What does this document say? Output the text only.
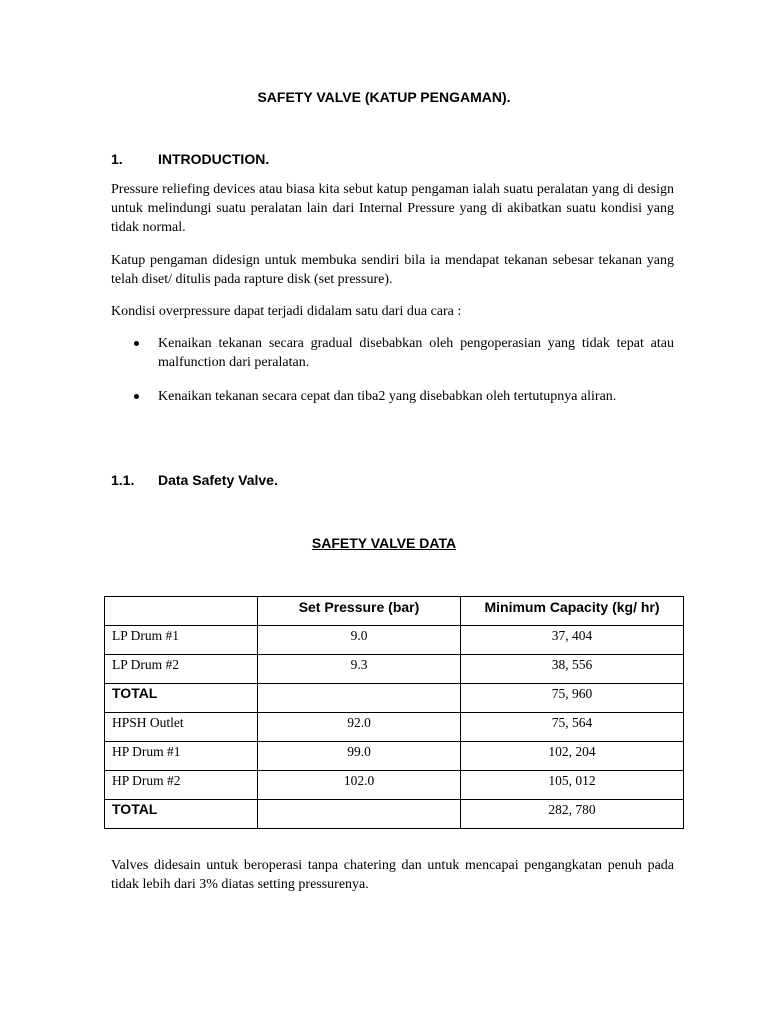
SAFETY VALVE (KATUP PENGAMAN).
1.	INTRODUCTION.

Pressure reliefing devices atau biasa kita sebut katup pengaman ialah suatu peralatan yang di design untuk melindungi suatu peralatan lain dari Internal Pressure yang di akibatkan suatu kondisi yang tidak normal.

Katup pengaman didesign untuk membuka sendiri bila ia mendapat tekanan sebesar tekanan yang telah diset/ ditulis pada rapture disk (set pressure).

Kondisi overpressure dapat terjadi didalam satu dari dua cara :

Kenaikan tekanan secara gradual disebabkan oleh pengoperasian yang tidak tepat atau malfunction dari peralatan.
Kenaikan tekanan secara cepat dan tiba2 yang disebabkan oleh tertutupnya aliran.
1.1. Data Safety Valve.
SAFETY VALVE DATA
	Set Pressure (bar)	Minimum Capacity (kg/ hr)
LP Drum #1	9.0	37, 404
LP Drum #2	9.3	38, 556
TOTAL		75, 960
HPSH Outlet	92.0	75, 564
HP Drum #1	99.0	102, 204
HP Drum #2	102.0	105, 012
TOTAL		282, 780

Valves didesain untuk beroperasi tanpa chatering dan untuk mencapai pengangkatan penuh pada tidak lebih dari 3% diatas setting pressurenya.
